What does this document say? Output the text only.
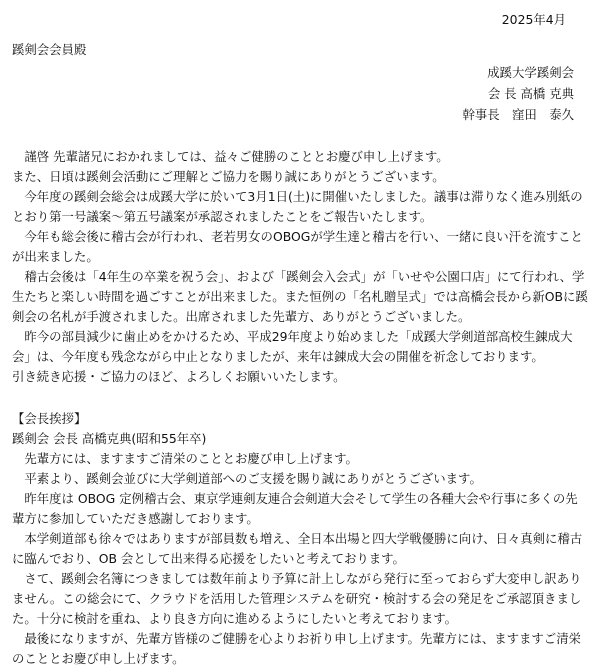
2025年4月
蹊剣会会員殿
成蹊大学蹊剣会
会 長 高橋 克典
幹事長　窪田　泰久

謹啓 先輩諸兄におかれましては、益々ご健勝のこととお慶び申し上げます。

また、日頃は蹊剣会活動にご理解とご協力を賜り誠にありがとうございます。

今年度の蹊剣会総会は成蹊大学に於いて3月1日(土)に開催いたしました。議事は滞りなく進み別紙のとおり第一号議案～第五号議案が承認されましたことをご報告いたします。

今年も総会後に稽古会が行われ、老若男女のOBOGが学生達と稽古を行い、一緒に良い汗を流すことが出来ました。

稽古会後は「4年生の卒業を祝う会」、および「蹊剣会入会式」が「いせや公園口店」にて行われ、学生たちと楽しい時間を過ごすことが出来ました。また恒例の「名札贈呈式」では高橋会長から新OBに蹊剣会の名札が手渡されました。出席されました先輩方、ありがとうございました。

昨今の部員減少に歯止めをかけるため、平成29年度より始めました「成蹊大学剣道部高校生錬成大会」は、今年度も残念ながら中止となりましたが、来年は錬成大会の開催を祈念しております。

引き続き応援・ご協力のほど、よろしくお願いいたします。

【会長挨拶】
蹊剣会 会長 高橋克典(昭和55年卒)

先輩方には、ますますご清栄のこととお慶び申し上げます。

平素より、蹊剣会並びに大学剣道部へのご支援を賜り誠にありがとうございます。

昨年度は OBOG 定例稽古会、東京学連剣友連合会剣道大会そして学生の各種大会や行事に多くの先輩方に参加していただき感謝しております。

本学剣道部も徐々ではありますが部員数も増え、全日本出場と四大学戦優勝に向け、日々真剣に稽古に臨んでおり、OB 会として出来得る応援をしたいと考えております。

さて、蹊剣会名簿につきましては数年前より予算に計上しながら発行に至っておらず大変申し訳ありません。この総会にて、クラウドを活用した管理システムを研究・検討する会の発足をご承認頂きました。十分に検討を重ね、より良き方向に進めるようにしたいと考えております。

最後になりますが、先輩方皆様のご健勝を心よりお祈り申し上げます。先輩方には、ますますご清栄のこととお慶び申し上げます。
